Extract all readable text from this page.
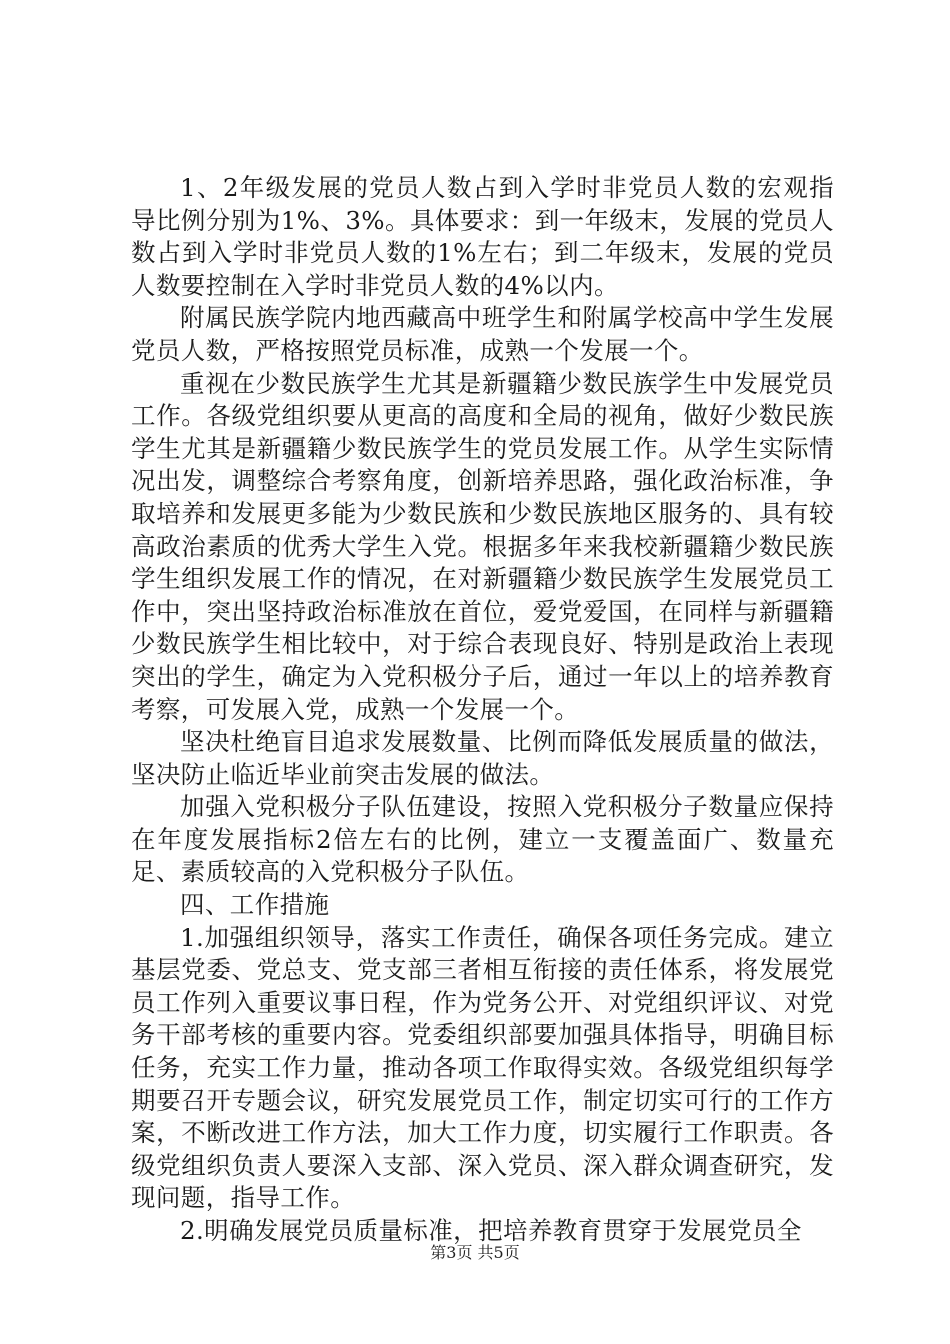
1、2年级发展的党员人数占到入学时非党员人数的宏观指导比例分别为1%、3%。具体要求：到一年级末，发展的党员人数占到入学时非党员人数的1%左右；到二年级末，发展的党员人数要控制在入学时非党员人数的4%以内。

附属民族学院内地西藏高中班学生和附属学校高中学生发展党员人数，严格按照党员标准，成熟一个发展一个。

重视在少数民族学生尤其是新疆籍少数民族学生中发展党员工作。各级党组织要从更高的高度和全局的视角，做好少数民族学生尤其是新疆籍少数民族学生的党员发展工作。从学生实际情况出发，调整综合考察角度，创新培养思路，强化政治标准，争取培养和发展更多能为少数民族和少数民族地区服务的、具有较高政治素质的优秀大学生入党。根据多年来我校新疆籍少数民族学生组织发展工作的情况，在对新疆籍少数民族学生发展党员工作中，突出坚持政治标准放在首位，爱党爱国，在同样与新疆籍少数民族学生相比较中，对于综合表现良好、特别是政治上表现突出的学生，确定为入党积极分子后，通过一年以上的培养教育考察，可发展入党，成熟一个发展一个。

坚决杜绝盲目追求发展数量、比例而降低发展质量的做法，坚决防止临近毕业前突击发展的做法。

加强入党积极分子队伍建设，按照入党积极分子数量应保持在年度发展指标2倍左右的比例，建立一支覆盖面广、数量充足、素质较高的入党积极分子队伍。

四、工作措施

1.加强组织领导，落实工作责任，确保各项任务完成。建立基层党委、党总支、党支部三者相互衔接的责任体系，将发展党员工作列入重要议事日程，作为党务公开、对党组织评议、对党务干部考核的重要内容。党委组织部要加强具体指导，明确目标任务，充实工作力量，推动各项工作取得实效。各级党组织每学期要召开专题会议，研究发展党员工作，制定切实可行的工作方案，不断改进工作方法，加大工作力度，切实履行工作职责。各级党组织负责人要深入支部、深入党员、深入群众调查研究，发现问题，指导工作。

2.明确发展党员质量标准，把培养教育贯穿于发展党员全

第3页 共5页
